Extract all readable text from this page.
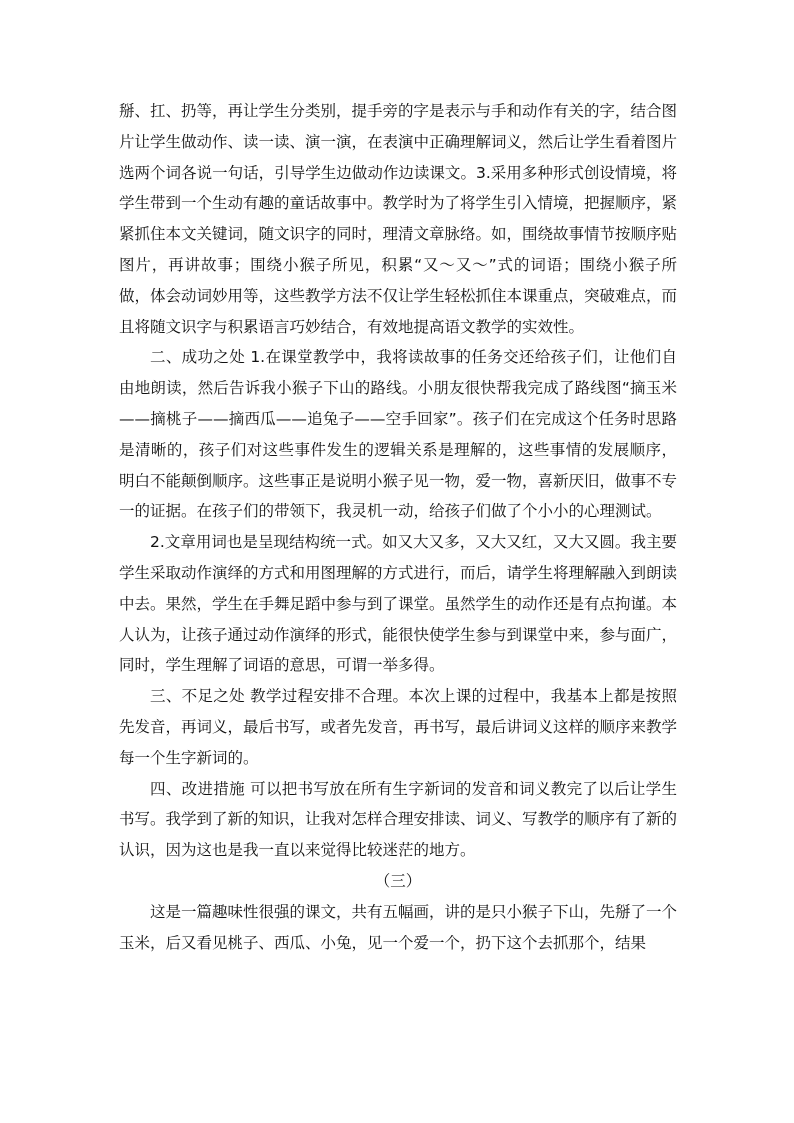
掰、扛、扔等，再让学生分类别，提手旁的字是表示与手和动作有关的字，结合图片让学生做动作、读一读、演一演，在表演中正确理解词义，然后让学生看着图片选两个词各说一句话，引导学生边做动作边读课文。3.采用多种形式创设情境，将学生带到一个生动有趣的童话故事中。教学时为了将学生引入情境，把握顺序，紧紧抓住本文关键词，随文识字的同时，理清文章脉络。如，围绕故事情节按顺序贴图片，再讲故事；围绕小猴子所见，积累“又～又～”式的词语；围绕小猴子所做，体会动词妙用等，这些教学方法不仅让学生轻松抓住本课重点，突破难点，而且将随文识字与积累语言巧妙结合，有效地提高语文教学的实效性。

二、成功之处 1.在课堂教学中，我将读故事的任务交还给孩子们，让他们自由地朗读，然后告诉我小猴子下山的路线。小朋友很快帮我完成了路线图“摘玉米——摘桃子——摘西瓜——追兔子——空手回家”。孩子们在完成这个任务时思路是清晰的，孩子们对这些事件发生的逻辑关系是理解的，这些事情的发展顺序， 明白不能颠倒顺序。这些事正是说明小猴子见一物，爱一物，喜新厌旧，做事不专一的证据。在孩子们的带领下，我灵机一动，给孩子们做了个小小的心理测试。

2.文章用词也是呈现结构统一式。如又大又多，又大又红，又大又圆。我主要学生采取动作演绎的方式和用图理解的方式进行，而后，请学生将理解融入到朗读中去。果然，学生在手舞足蹈中参与到了课堂。虽然学生的动作还是有点拘谨。本人认为，让孩子通过动作演绎的形式，能很快使学生参与到课堂中来，参与面广，同时，学生理解了词语的意思，可谓一举多得。

三、不足之处 教学过程安排不合理。本次上课的过程中，我基本上都是按照先发音，再词义，最后书写，或者先发音，再书写，最后讲词义这样的顺序来教学每一个生字新词的。

四、改进措施 可以把书写放在所有生字新词的发音和词义教完了以后让学生书写。我学到了新的知识，让我对怎样合理安排读、词义、写教学的顺序有了新的认识，因为这也是我一直以来觉得比较迷茫的地方。

（三）

这是一篇趣味性很强的课文，共有五幅画，讲的是只小猴子下山，先掰了一个玉米，后又看见桃子、西瓜、小兔，见一个爱一个，扔下这个去抓那个，结果
